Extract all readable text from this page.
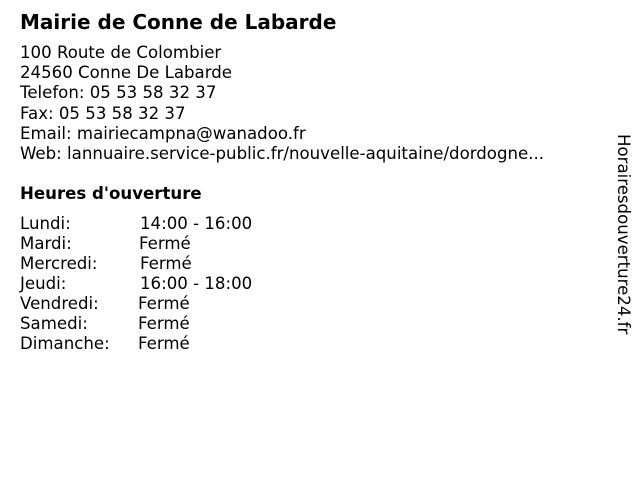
Mairie de Conne de Labarde
100 Route de Colombier
24560 Conne De Labarde
Telefon: 05 53 58 32 37
Fax: 05 53 58 32 37
Email: mairiecampna@wanadoo.fr
Web: lannuaire.service-public.fr/nouvelle-aquitaine/dordogne...
Heures d'ouverture
Lundi:	14:00 - 16:00
Mardi:	Fermé
Mercredi:	Fermé
Jeudi:	16:00 - 18:00
Vendredi: Fermé
Samedi:	Fermé
Dimanche: Fermé
Horairesdouverture24.fr
